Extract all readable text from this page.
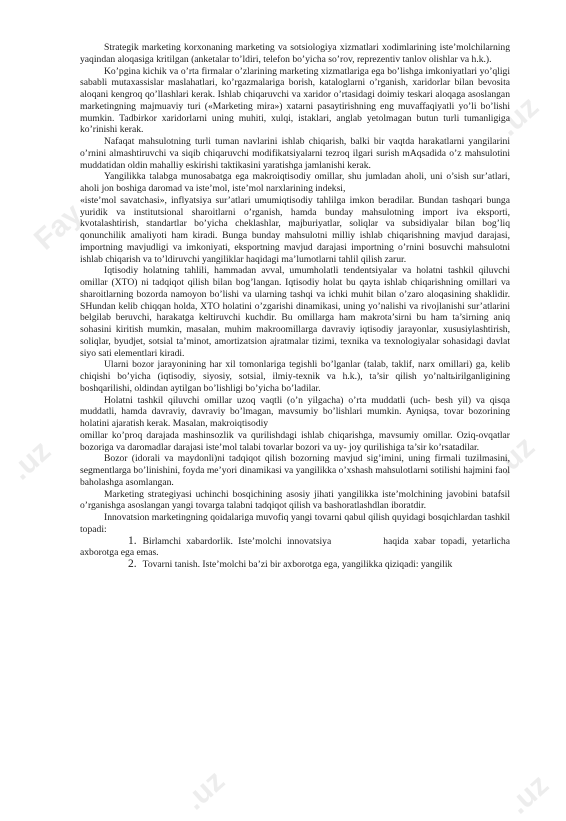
Fay
.uz
.uz	.uz
.uz	.uz

Strategik marketing korxonaning marketing va sotsiologiya xizmatlari xodimlarining iste’molchilarning yaqindan aloqasiga kritilgan (anketalar to’ldiri, telefon bo’yicha so’rov, reprezentiv tanlov olishlar va h.k.).

Ko’pgina kichik va o’rta firmalar o’zlarining marketing xizmatlariga ega bo’lishga imkoniyatlari yo’qligi sababli mutaxassislar maslahatlari, ko’rgazmalariga borish, kataloglarni o’rganish, xaridorlar bilan bevosita aloqani kengroq qo’llashlari kerak. Ishlab chiqaruvchi va xaridor o’rtasidagi doimiy teskari aloqaga asoslangan marketingning majmuaviy turi («Marketing mira») xatarni pasaytirishning eng muvaffaqiyatli yo’li bo’lishi mumkin. Tadbirkor xaridorlarni uning muhiti, xulqi, istaklari, anglab yetolmagan butun turli tumanligiga ko’rinishi kerak.

Nafaqat mahsulotning turli tuman navlarini ishlab chiqarish, balki bir vaqtda harakatlarni yangilarini o’rnini almashtiruvchi va siqib chiqaruvchi modifikatsiyalarni tezroq ilgari surish mAqsadida o’z mahsulotini muddatidan oldin mahalliy eskirishi taktikasini yaratishga jamlanishi kerak.

Yangilikka talabga munosabatga ega makroiqtisodiy omillar, shu jumladan aholi, uni o’sish sur’atlari, aholi jon boshiga daromad va iste’mol, iste’mol narxlarining indeksi,

«iste’mol savatchasi», inflyatsiya sur’atlari umumiqtisodiy tahlilga imkon beradilar. Bundan tashqari bunga yuridik va institutsional sharoitlarni o’rganish, hamda bunday mahsulotning import iva eksporti, kvotalashtirish, standartlar bo’yicha cheklashlar, majburiyatlar, soliqlar va subsidiyalar bilan bog’liq qonunchilik amaliyoti ham kiradi. Bunga bunday mahsulotni milliy ishlab chiqarishning mavjud darajasi, importning mavjudligi va imkoniyati, eksportning mavjud darajasi importning o’rnini bosuvchi mahsulotni ishlab chiqarish va to’ldiruvchi yangiliklar haqidagi ma’lumotlarni tahlil qilish zarur.

Iqtisodiy holatning tahlili, hammadan avval, umumholatli tendentsiyalar va holatni tashkil qiluvchi omillar (XTO) ni tadqiqot qilish bilan bog’langan. Iqtisodiy holat bu qayta ishlab chiqarishning omillari va sharoitlarning bozorda namoyon bo’lishi va ularning tashqi va ichki muhit bilan o’zaro aloqasining shaklidir. SHundan kelib chiqqan holda, XTO holatini o’zgarishi dinamikasi, uning yo’nalishi va rivojlanishi sur’atlarini belgilab beruvchi, harakatga keltiruvchi kuchdir. Bu omillarga ham makrota’sirni bu ham ta’sirning aniq sohasini kiritish mumkin, masalan, muhim makroomillarga davraviy iqtisodiy jarayonlar, xususiylashtirish, soliqlar, byudjet, sotsial ta’minot, amortizatsion ajratmalar tizimi, texnika va texnologiyalar sohasidagi davlat siyo sati elementlari kiradi.

Ularni bozor jarayonining har xil tomonlariga tegishli bo’lganlar (talab, taklif, narx omillari) ga, kelib chiqishi bo’yicha (iqtisodiy, siyosiy, sotsial, ilmiy-texnik va h.k.), ta’sir qilish yo’naltьirilganligining boshqarilishi, oldindan aytilgan bo’lishligi bo’yicha bo’ladilar.

Holatni tashkil qiluvchi omillar uzoq vaqtli (o’n yilgacha) o’rta muddatli (uch- besh yil) va qisqa muddatli, hamda davraviy, davraviy bo’lmagan, mavsumiy bo’lishlari mumkin. Ayniqsa, tovar bozorining holatini ajaratish kerak. Masalan, makroiqtisodiy

omillar ko’proq darajada mashinsozlik va qurilishdagi ishlab chiqarishga, mavsumiy omillar. Oziq-ovqatlar bozoriga va daromadlar darajasi iste’mol talabi tovarlar bozori va uy- joy qurilishiga ta’sir ko’rsatadilar.

Bozor (idorali va maydonli)ni tadqiqot qilish bozorning mavjud sig’imini, uning firmali tuzilmasini, segmentlarga bo’linishini, foyda me’yori dinamikasi va yangilikka o’xshash mahsulotlarni sotilishi hajmini faol baholashga asomlangan.

Marketing strategiyasi uchinchi bosqichining asosiy jihati yangilikka iste’molchining javobini batafsil o’rganishga asoslangan yangi tovarga talabni tadqiqot qilish va bashoratlashdlan iboratdir.

Innovatsion marketingning qoidalariga muvofiq yangi tovarni qabul qilish quyidagi bosqichlardan tashkil topadi:

1. Birlamchi xabardorlik. Iste’molchi innovatsiya	haqida xabar topadi, yetarlicha axborotga ega emas.

2. Tovarni tanish. Iste’molchi ba’zi bir axborotga ega, yangilikka qiziqadi: yangilik
